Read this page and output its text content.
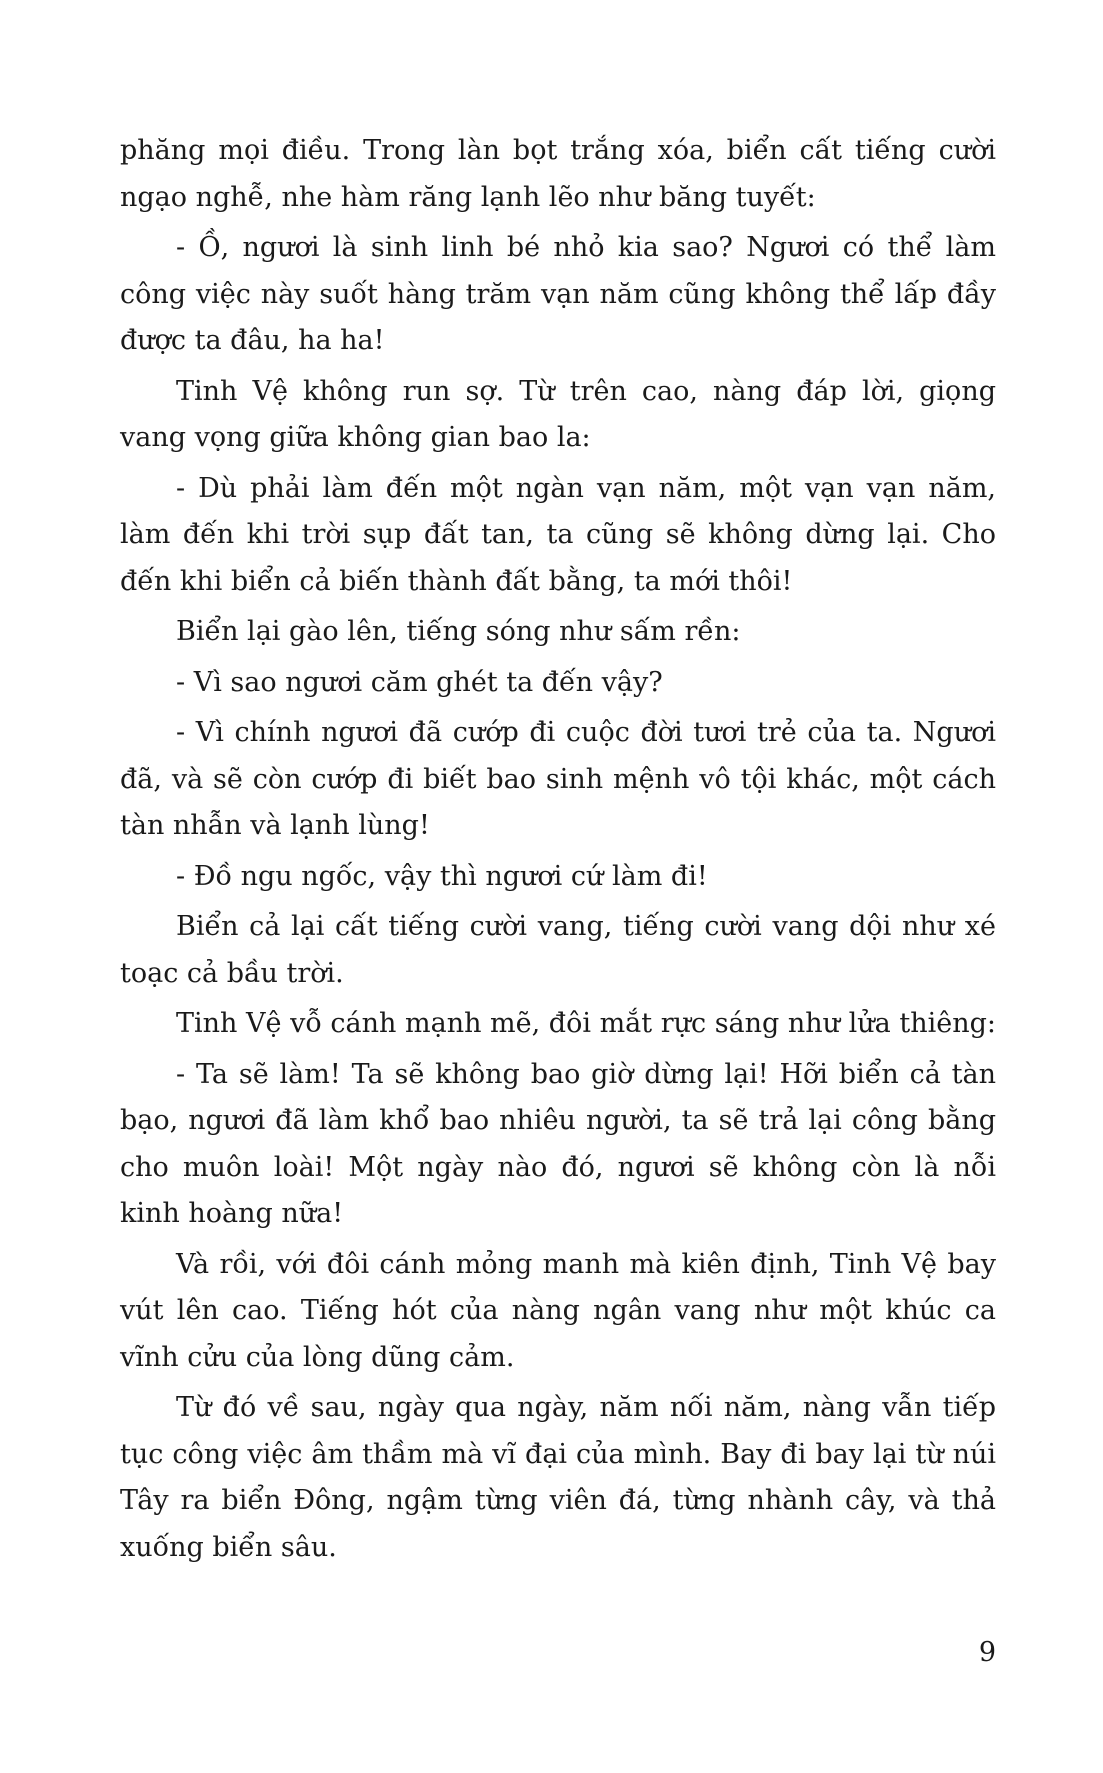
phăng mọi điều. Trong làn bọt trắng xóa, biển cất tiếng cười ngạo nghễ, nhe hàm răng lạnh lẽo như băng tuyết:

- Ồ, ngươi là sinh linh bé nhỏ kia sao? Ngươi có thể làm công việc này suốt hàng trăm vạn năm cũng không thể lấp đầy được ta đâu, ha ha!

Tinh Vệ không run sợ. Từ trên cao, nàng đáp lời, giọng vang vọng giữa không gian bao la:

- Dù phải làm đến một ngàn vạn năm, một vạn vạn năm, làm đến khi trời sụp đất tan, ta cũng sẽ không dừng lại. Cho đến khi biển cả biến thành đất bằng, ta mới thôi!

Biển lại gào lên, tiếng sóng như sấm rền:

- Vì sao ngươi căm ghét ta đến vậy?

- Vì chính ngươi đã cướp đi cuộc đời tươi trẻ của ta. Ngươi đã, và sẽ còn cướp đi biết bao sinh mệnh vô tội khác, một cách tàn nhẫn và lạnh lùng!

- Đồ ngu ngốc, vậy thì ngươi cứ làm đi!

Biển cả lại cất tiếng cười vang, tiếng cười vang dội như xé toạc cả bầu trời.

Tinh Vệ vỗ cánh mạnh mẽ, đôi mắt rực sáng như lửa thiêng:

- Ta sẽ làm! Ta sẽ không bao giờ dừng lại! Hỡi biển cả tàn bạo, ngươi đã làm khổ bao nhiêu người, ta sẽ trả lại công bằng cho muôn loài! Một ngày nào đó, ngươi sẽ không còn là nỗi kinh hoàng nữa!

Và rồi, với đôi cánh mỏng manh mà kiên định, Tinh Vệ bay vút lên cao. Tiếng hót của nàng ngân vang như một khúc ca vĩnh cửu của lòng dũng cảm.

Từ đó về sau, ngày qua ngày, năm nối năm, nàng vẫn tiếp tục công việc âm thầm mà vĩ đại của mình. Bay đi bay lại từ núi Tây ra biển Đông, ngậm từng viên đá, từng nhành cây, và thả xuống biển sâu.

9
